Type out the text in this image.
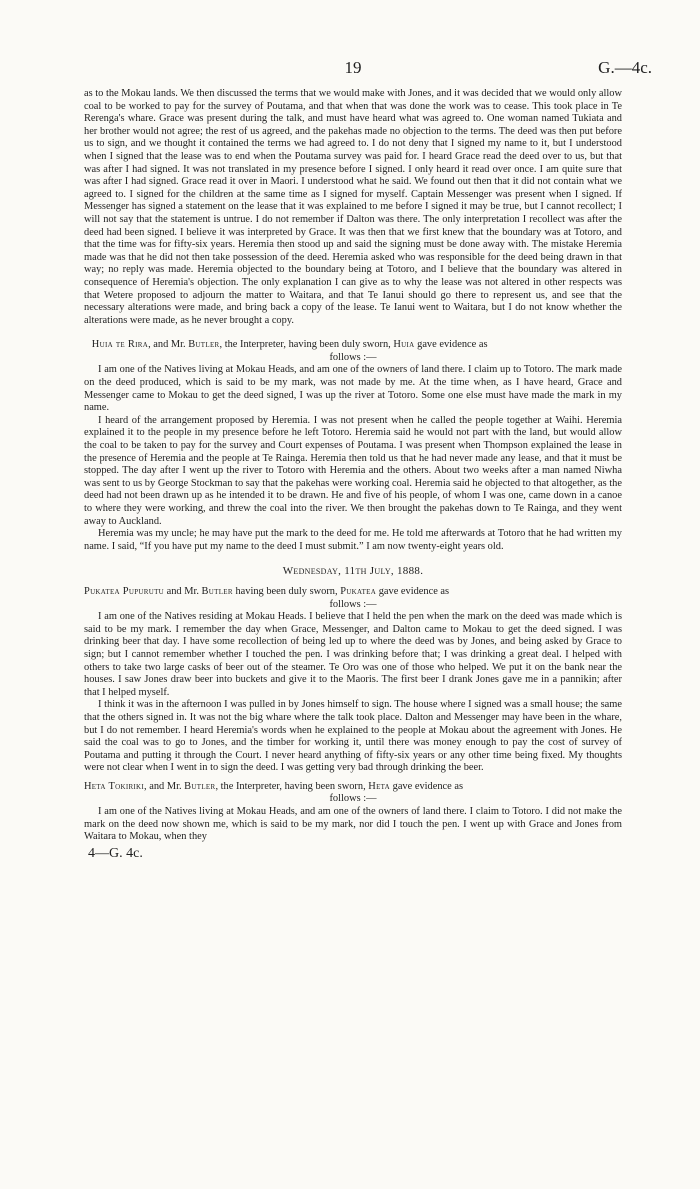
19	G.—4c.

as to the Mokau lands. We then discussed the terms that we would make with Jones, and it was decided that we would only allow coal to be worked to pay for the survey of Poutama, and that when that was done the work was to cease. This took place in Te Rerenga's whare. Grace was present during the talk, and must have heard what was agreed to. One woman named Tukiata and her brother would not agree; the rest of us agreed, and the pakehas made no objection to the terms. The deed was then put before us to sign, and we thought it contained the terms we had agreed to. I do not deny that I signed my name to it, but I understood when I signed that the lease was to end when the Poutama survey was paid for. I heard Grace read the deed over to us, but that was after I had signed. It was not translated in my presence before I signed. I only heard it read over once. I am quite sure that was after I had signed. Grace read it over in Maori. I understood what he said. We found out then that it did not contain what we agreed to. I signed for the children at the same time as I signed for myself. Captain Messenger was present when I signed. If Messenger has signed a statement on the lease that it was explained to me before I signed it may be true, but I cannot recollect; I will not say that the statement is untrue. I do not remember if Dalton was there. The only interpretation I recollect was after the deed had been signed. I believe it was interpreted by Grace. It was then that we first knew that the boundary was at Totoro, and that the time was for fifty-six years. Heremia then stood up and said the signing must be done away with. The mistake Heremia made was that he did not then take possession of the deed. Heremia asked who was responsible for the deed being drawn in that way; no reply was made. Heremia objected to the boundary being at Totoro, and I believe that the boundary was altered in consequence of Heremia's objection. The only explanation I can give as to why the lease was not altered in other respects was that Wetere proposed to adjourn the matter to Waitara, and that Te Ianui should go there to represent us, and see that the necessary alterations were made, and bring back a copy of the lease. Te Ianui went to Waitara, but I do not know whether the alterations were made, as he never brought a copy.

Huia te Rira, and Mr. Butler, the Interpreter, having been duly sworn, Huia gave evidence as
follows :—

I am one of the Natives living at Mokau Heads, and am one of the owners of land there. I claim up to Totoro. The mark made on the deed produced, which is said to be my mark, was not made by me. At the time when, as I have heard, Grace and Messenger came to Mokau to get the deed signed, I was up the river at Totoro. Some one else must have made the mark in my name.

I heard of the arrangement proposed by Heremia. I was not present when he called the people together at Waihi. Heremia explained it to the people in my presence before he left Totoro. Heremia said he would not part with the land, but would allow the coal to be taken to pay for the survey and Court expenses of Poutama. I was present when Thompson explained the lease in the presence of Heremia and the people at Te Rainga. Heremia then told us that he had never made any lease, and that it must be stopped. The day after I went up the river to Totoro with Heremia and the others. About two weeks after a man named Niwha was sent to us by George Stockman to say that the pakehas were working coal. Heremia said he objected to that altogether, as the deed had not been drawn up as he intended it to be drawn. He and five of his people, of whom I was one, came down in a canoe to where they were working, and threw the coal into the river. We then brought the pakehas down to Te Rainga, and they went away to Auckland.

Heremia was my uncle; he may have put the mark to the deed for me. He told me afterwards at Totoro that he had written my name. I said, “If you have put my name to the deed I must submit.” I am now twenty-eight years old.

Wednesday, 11th July, 1888.

Pukatea Pupurutu and Mr. Butler having been duly sworn, Pukatea gave evidence as
follows :—

I am one of the Natives residing at Mokau Heads. I believe that I held the pen when the mark on the deed was made which is said to be my mark. I remember the day when Grace, Messenger, and Dalton came to Mokau to get the deed signed. I was drinking beer that day. I have some recollection of being led up to where the deed was by Jones, and being asked by Grace to sign; but I cannot remember whether I touched the pen. I was drinking before that; I was drinking a great deal. I helped with others to take two large casks of beer out of the steamer. Te Oro was one of those who helped. We put it on the bank near the houses. I saw Jones draw beer into buckets and give it to the Maoris. The first beer I drank Jones gave me in a pannikin; after that I helped myself.

I think it was in the afternoon I was pulled in by Jones himself to sign. The house where I signed was a small house; the same that the others signed in. It was not the big whare where the talk took place. Dalton and Messenger may have been in the whare, but I do not remember. I heard Heremia's words when he explained to the people at Mokau about the agreement with Jones. He said the coal was to go to Jones, and the timber for working it, until there was money enough to pay the cost of survey of Poutama and putting it through the Court. I never heard anything of fifty-six years or any other time being fixed. My thoughts were not clear when I went in to sign the deed. I was getting very bad through drinking the beer.

Heta Tokiriki, and Mr. Butler, the Interpreter, having been sworn, Heta gave evidence as
follows :—

I am one of the Natives living at Mokau Heads, and am one of the owners of land there. I claim to Totoro. I did not make the mark on the deed now shown me, which is said to be my mark, nor did I touch the pen. I went up with Grace and Jones from Waitara to Mokau, when they

4—G. 4c.
